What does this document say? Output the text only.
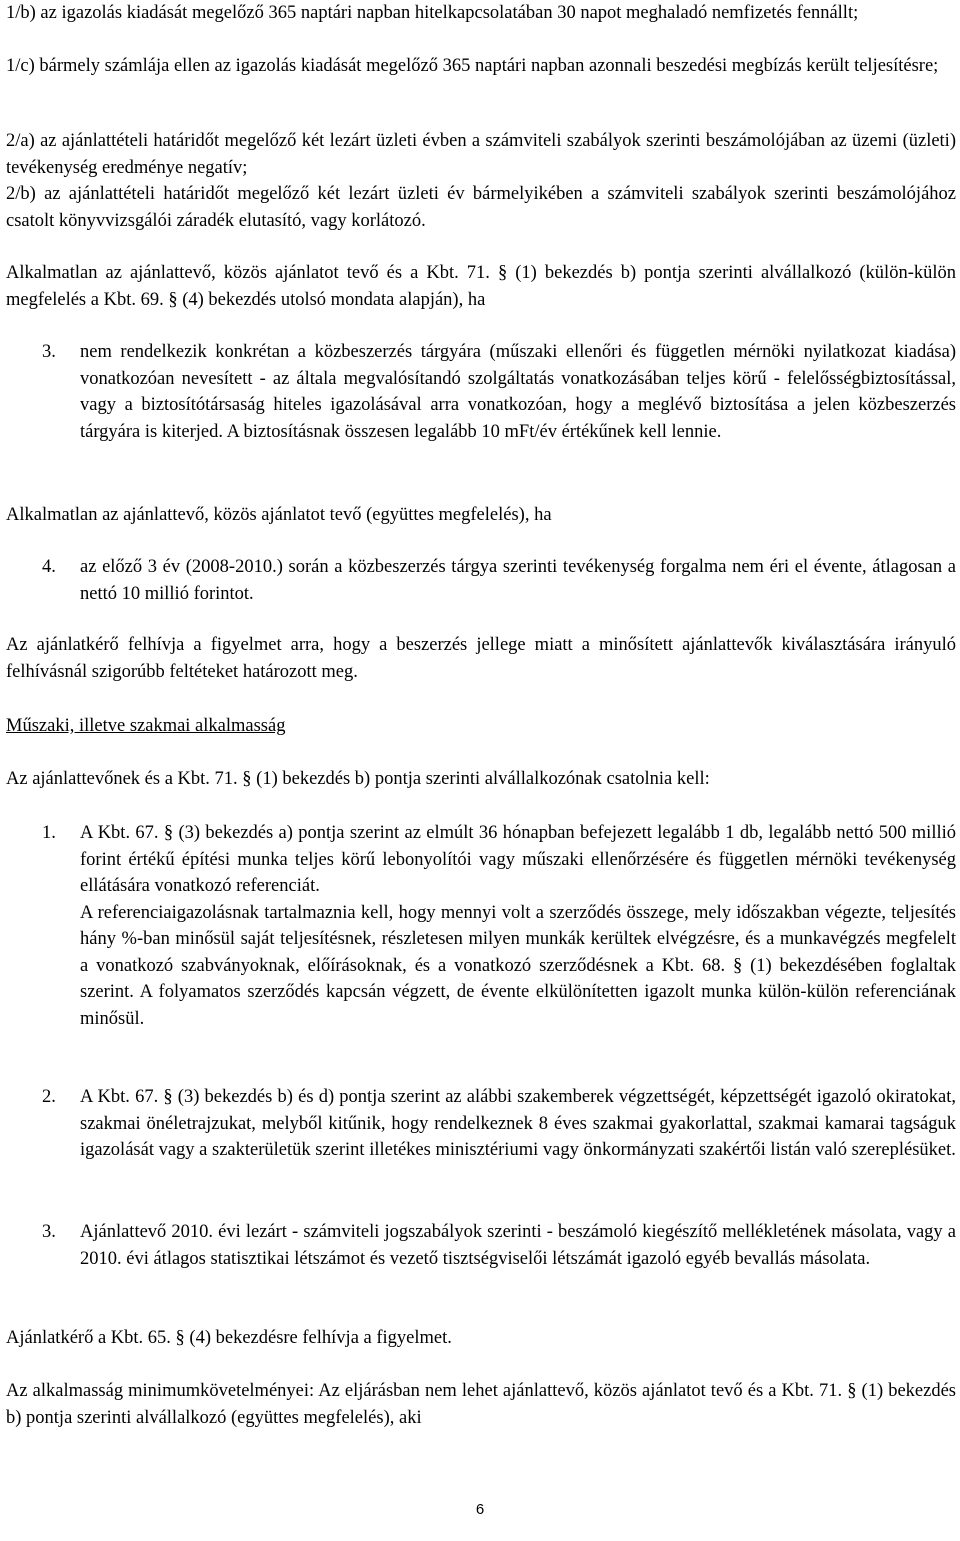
1/b) az igazolás kiadását megelőző 365 naptári napban hitelkapcsolatában 30 napot meghaladó nemfizetés fennállt;

1/c) bármely számlája ellen az igazolás kiadását megelőző 365 naptári napban azonnali beszedési megbízás került teljesítésre;

2/a) az ajánlattételi határidőt megelőző két lezárt üzleti évben a számviteli szabályok szerinti beszámolójában az üzemi (üzleti) tevékenység eredménye negatív;

2/b) az ajánlattételi határidőt megelőző két lezárt üzleti év bármelyikében a számviteli szabályok szerinti beszámolójához csatolt könyvvizsgálói záradék elutasító, vagy korlátozó.

Alkalmatlan az ajánlattevő, közös ajánlatot tevő és a Kbt. 71. § (1) bekezdés b) pontja szerinti alvállalkozó (külön-külön megfelelés a Kbt. 69. § (4) bekezdés utolsó mondata alapján), ha

3.	nem rendelkezik konkrétan a közbeszerzés tárgyára (műszaki ellenőri és független mérnöki nyilatkozat kiadása) vonatkozóan nevesített - az általa megvalósítandó szolgáltatás vonatkozásában teljes körű - felelősségbiztosítással, vagy a biztosítótársaság hiteles igazolásával arra vonatkozóan, hogy a meglévő biztosítása a jelen közbeszerzés tárgyára is kiterjed. A biztosításnak összesen legalább 10 mFt/év értékűnek kell lennie.

Alkalmatlan az ajánlattevő, közös ajánlatot tevő (együttes megfelelés), ha

4.	az előző 3 év (2008-2010.) során a közbeszerzés tárgya szerinti tevékenység forgalma nem éri el évente, átlagosan a nettó 10 millió forintot.

Az ajánlatkérő felhívja a figyelmet arra, hogy a beszerzés jellege miatt a minősített ajánlattevők kiválasztására irányuló felhívásnál szigorúbb feltéteket határozott meg.

Műszaki, illetve szakmai alkalmasság

Az ajánlattevőnek és a Kbt. 71. § (1) bekezdés b) pontja szerinti alvállalkozónak csatolnia kell:

1.	A Kbt. 67. § (3) bekezdés a) pontja szerint az elmúlt 36 hónapban befejezett legalább 1 db, legalább nettó 500 millió forint értékű építési munka teljes körű lebonyolítói vagy műszaki ellenőrzésére és független mérnöki tevékenység ellátására vonatkozó referenciát.
A referenciaigazolásnak tartalmaznia kell, hogy mennyi volt a szerződés összege, mely időszakban végezte, teljesítés hány %-ban minősül saját teljesítésnek, részletesen milyen munkák kerültek elvégzésre, és a munkavégzés megfelelt a vonatkozó szabványoknak, előírásoknak, és a vonatkozó szerződésnek a Kbt. 68. § (1) bekezdésében foglaltak szerint. A folyamatos szerződés kapcsán végzett, de évente elkülönítetten igazolt munka külön-külön referenciának minősül.
2.	A Kbt. 67. § (3) bekezdés b) és d) pontja szerint az alábbi szakemberek végzettségét, képzettségét igazoló okiratokat, szakmai önéletrajzukat, melyből kitűnik, hogy rendelkeznek 8 éves szakmai gyakorlattal, szakmai kamarai tagságuk igazolását vagy a szakterületük szerint illetékes minisztériumi vagy önkormányzati szakértői listán való szereplésüket.
3.	Ajánlattevő 2010. évi lezárt - számviteli jogszabályok szerinti - beszámoló kiegészítő mellékletének másolata, vagy a 2010. évi átlagos statisztikai létszámot és vezető tisztségviselői létszámát igazoló egyéb bevallás másolata.

Ajánlatkérő a Kbt. 65. § (4) bekezdésre felhívja a figyelmet.

Az alkalmasság minimumkövetelményei: Az eljárásban nem lehet ajánlattevő, közös ajánlatot tevő és a Kbt. 71. § (1) bekezdés b) pontja szerinti alvállalkozó (együttes megfelelés), aki

6
